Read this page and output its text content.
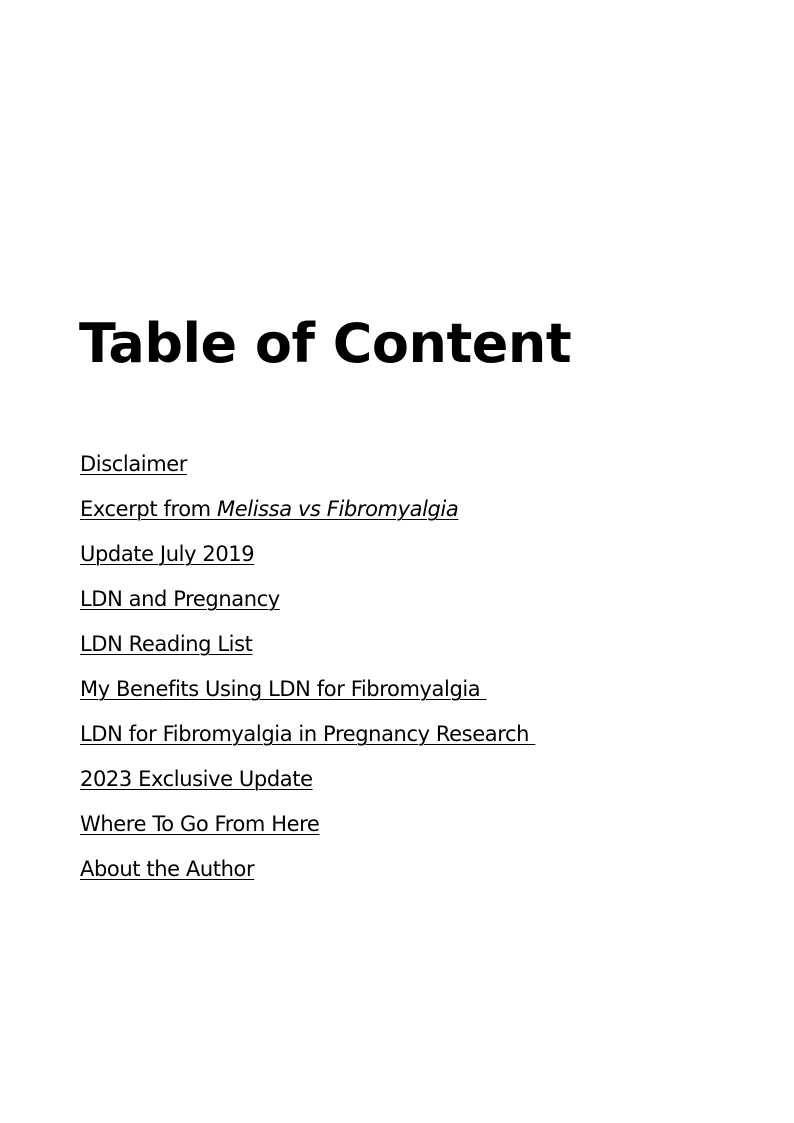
Table of Content
Disclaimer
Excerpt from Melissa vs Fibromyalgia
Update July 2019
LDN and Pregnancy
LDN Reading List
My Benefits Using LDN for Fibromyalgia
LDN for Fibromyalgia in Pregnancy Research
2023 Exclusive Update
Where To Go From Here
About the Author
